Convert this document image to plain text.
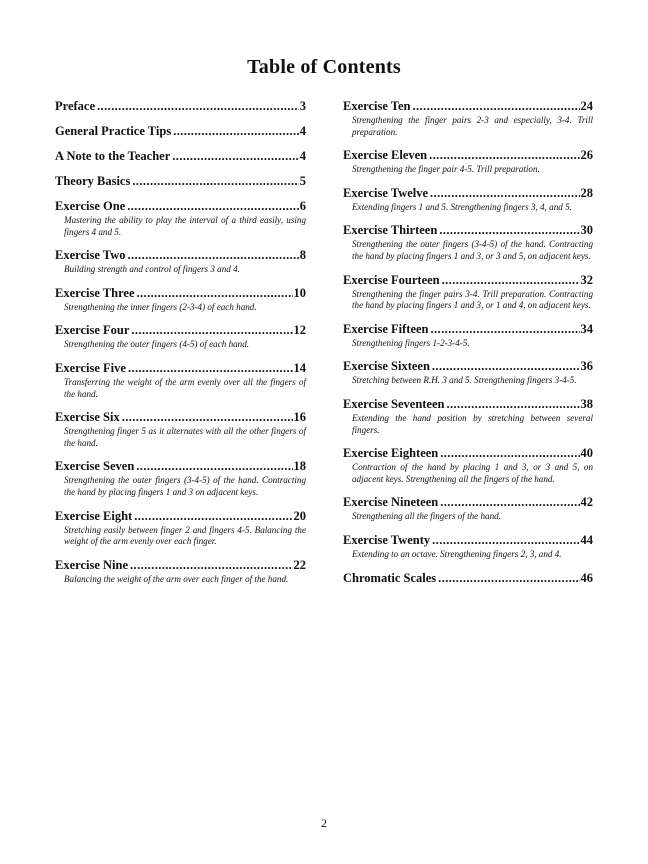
Table of Contents
Preface .....	3
General Practice Tips .....	4
A Note to the Teacher .....	4
Theory Basics .....	5
Exercise One .....	6
Mastering the ability to play the interval of a third easily, using fingers 4 and 5.
Exercise Two .....	8
Building strength and control of fingers 3 and 4.
Exercise Three .....	10
Strengthening the inner fingers (2-3-4) of each hand.
Exercise Four .....	12
Strengthening the outer fingers (4-5) of each hand.
Exercise Five .....	14
Transferring the weight of the arm evenly over all the fingers of the hand.
Exercise Six .....	16
Strengthening finger 5 as it alternates with all the other fingers of the hand.
Exercise Seven .....	18
Strengthening the outer fingers (3-4-5) of the hand. Contracting the hand by placing fingers 1 and 3 on adjacent keys.
Exercise Eight .....	20
Stretching easily between finger 2 and fingers 4-5. Balancing the weight of the arm evenly over each finger.
Exercise Nine .....	22
Balancing the weight of the arm over each finger of the hand.
Exercise Ten .....	24
Strengthening the finger pairs 2-3 and especially, 3-4. Trill preparation.
Exercise Eleven .....	26
Strengthening the finger pair 4-5. Trill preparation.
Exercise Twelve .....	28
Extending fingers 1 and 5. Strengthening fingers 3, 4, and 5.
Exercise Thirteen .....	30
Strengthening the outer fingers (3-4-5) of the hand. Contracting the hand by placing fingers 1 and 3, or 3 and 5, on adjacent keys.
Exercise Fourteen .....	32
Strengthening the finger pairs 3-4. Trill preparation. Contracting the hand by placing fingers 1 and 3, or 1 and 4, on adjacent keys.
Exercise Fifteen .....	34
Strengthening fingers 1-2-3-4-5.
Exercise Sixteen .....	36
Stretching between R.H. 3 and 5. Strengthening fingers 3-4-5.
Exercise Seventeen .....	38
Extending the hand position by stretching between several fingers.
Exercise Eighteen .....	40
Contraction of the hand by placing 1 and 3, or 3 and 5, on adjacent keys. Strengthening all the fingers of the hand.
Exercise Nineteen .....	42
Strengthening all the fingers of the hand.
Exercise Twenty .....	44
Extending to an octave. Strengthening fingers 2, 3, and 4.
Chromatic Scales .....	46
2
